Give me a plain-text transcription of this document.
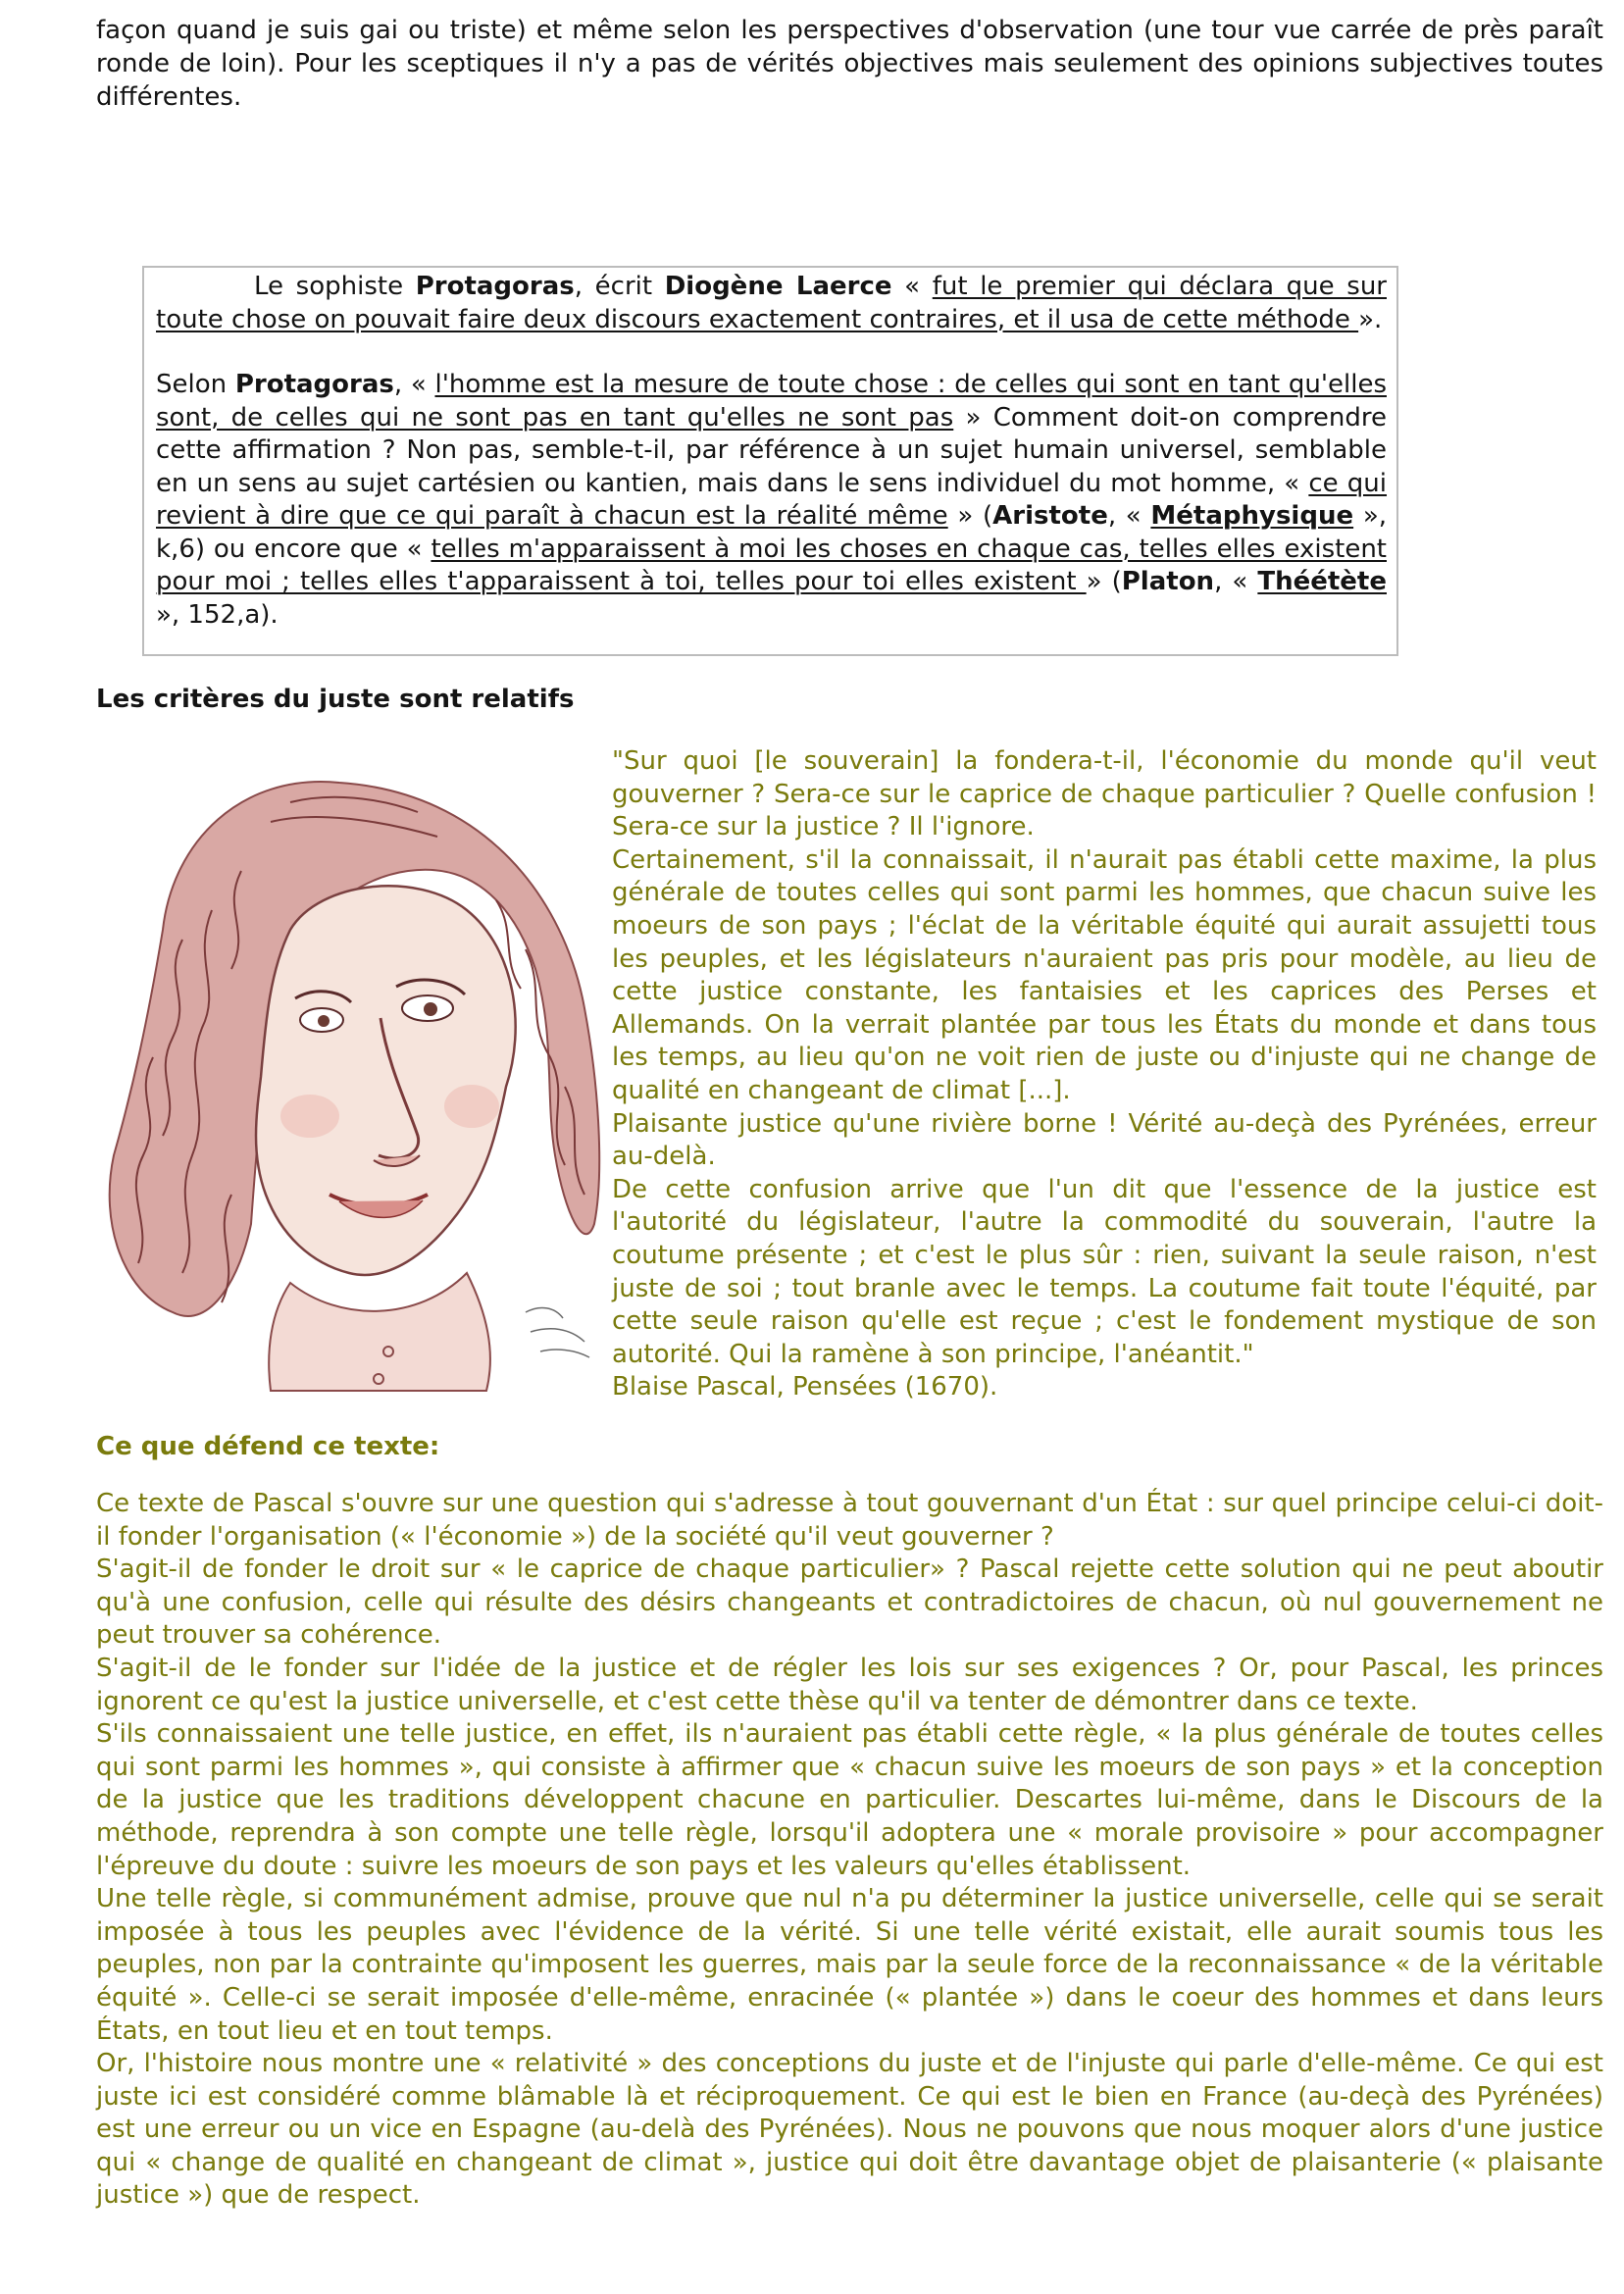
façon quand je suis gai ou triste) et même selon les perspectives d'observation (une tour vue carrée de près paraît ronde de loin). Pour les sceptiques il n'y a pas de vérités objectives mais seulement des opinions subjectives toutes différentes.

Le sophiste Protagoras, écrit Diogène Laerce « fut le premier qui déclara que sur toute chose on pouvait faire deux discours exactement contraires, et il usa de cette méthode ».

Selon Protagoras, « l'homme est la mesure de toute chose : de celles qui sont en tant qu'elles sont, de celles qui ne sont pas en tant qu'elles ne sont pas » Comment doit-on comprendre cette affirmation ? Non pas, semble-t-il, par référence à un sujet humain universel, semblable en un sens au sujet cartésien ou kantien, mais dans le sens individuel du mot homme, « ce qui revient à dire que ce qui paraît à chacun est la réalité même » (Aristote, « Métaphysique », k,6) ou encore que « telles m'apparaissent à moi les choses en chaque cas, telles elles existent pour moi ; telles elles t'apparaissent à toi, telles pour toi elles existent » (Platon, « Théétète », 152,a).

Les critères du juste sont relatifs

"Sur quoi [le souverain] la fondera-t-il, l'économie du monde qu'il veut gouverner ? Sera-ce sur le caprice de chaque particulier ? Quelle confusion ! Sera-ce sur la justice ? Il l'ignore.

Certainement, s'il la connaissait, il n'aurait pas établi cette maxime, la plus générale de toutes celles qui sont parmi les hommes, que chacun suive les moeurs de son pays ; l'éclat de la véritable équité qui aurait assujetti tous les peuples, et les législateurs n'auraient pas pris pour modèle, au lieu de cette justice constante, les fantaisies et les caprices des Perses et Allemands. On la verrait plantée par tous les États du monde et dans tous les temps, au lieu qu'on ne voit rien de juste ou d'injuste qui ne change de qualité en changeant de climat [...].

Plaisante justice qu'une rivière borne ! Vérité au-deçà des Pyrénées, erreur au-delà.

De cette confusion arrive que l'un dit que l'essence de la justice est l'autorité du législateur, l'autre la commodité du souverain, l'autre la coutume présente ; et c'est le plus sûr : rien, suivant la seule raison, n'est juste de soi ; tout branle avec le temps. La coutume fait toute l'équité, par cette seule raison qu'elle est reçue ; c'est le fondement mystique de son autorité. Qui la ramène à son principe, l'anéantit."

Blaise Pascal, Pensées (1670).

Ce que défend ce texte:

Ce texte de Pascal s'ouvre sur une question qui s'adresse à tout gouvernant d'un État : sur quel principe celui-ci doit-il fonder l'organisation (« l'économie ») de la société qu'il veut gouverner ?

S'agit-il de fonder le droit sur « le caprice de chaque particulier» ? Pascal rejette cette solution qui ne peut aboutir qu'à une confusion, celle qui résulte des désirs changeants et contradictoires de chacun, où nul gouvernement ne peut trouver sa cohérence.

S'agit-il de le fonder sur l'idée de la justice et de régler les lois sur ses exigences ? Or, pour Pascal, les princes ignorent ce qu'est la justice universelle, et c'est cette thèse qu'il va tenter de démontrer dans ce texte.

S'ils connaissaient une telle justice, en effet, ils n'auraient pas établi cette règle, « la plus générale de toutes celles qui sont parmi les hommes », qui consiste à affirmer que « chacun suive les moeurs de son pays » et la conception de la justice que les traditions développent chacune en particulier. Descartes lui-même, dans le Discours de la méthode, reprendra à son compte une telle règle, lorsqu'il adoptera une « morale provisoire » pour accompagner l'épreuve du doute : suivre les moeurs de son pays et les valeurs qu'elles établissent.

Une telle règle, si communément admise, prouve que nul n'a pu déterminer la justice universelle, celle qui se serait imposée à tous les peuples avec l'évidence de la vérité. Si une telle vérité existait, elle aurait soumis tous les peuples, non par la contrainte qu'imposent les guerres, mais par la seule force de la reconnaissance « de la véritable équité ». Celle-ci se serait imposée d'elle-même, enracinée (« plantée ») dans le coeur des hommes et dans leurs États, en tout lieu et en tout temps.

Or, l'histoire nous montre une « relativité » des conceptions du juste et de l'injuste qui parle d'elle-même. Ce qui est juste ici est considéré comme blâmable là et réciproquement. Ce qui est le bien en France (au-deçà des Pyrénées) est une erreur ou un vice en Espagne (au-delà des Pyrénées). Nous ne pouvons que nous moquer alors d'une justice qui « change de qualité en changeant de climat », justice qui doit être davantage objet de plaisanterie (« plaisante justice ») que de respect.
